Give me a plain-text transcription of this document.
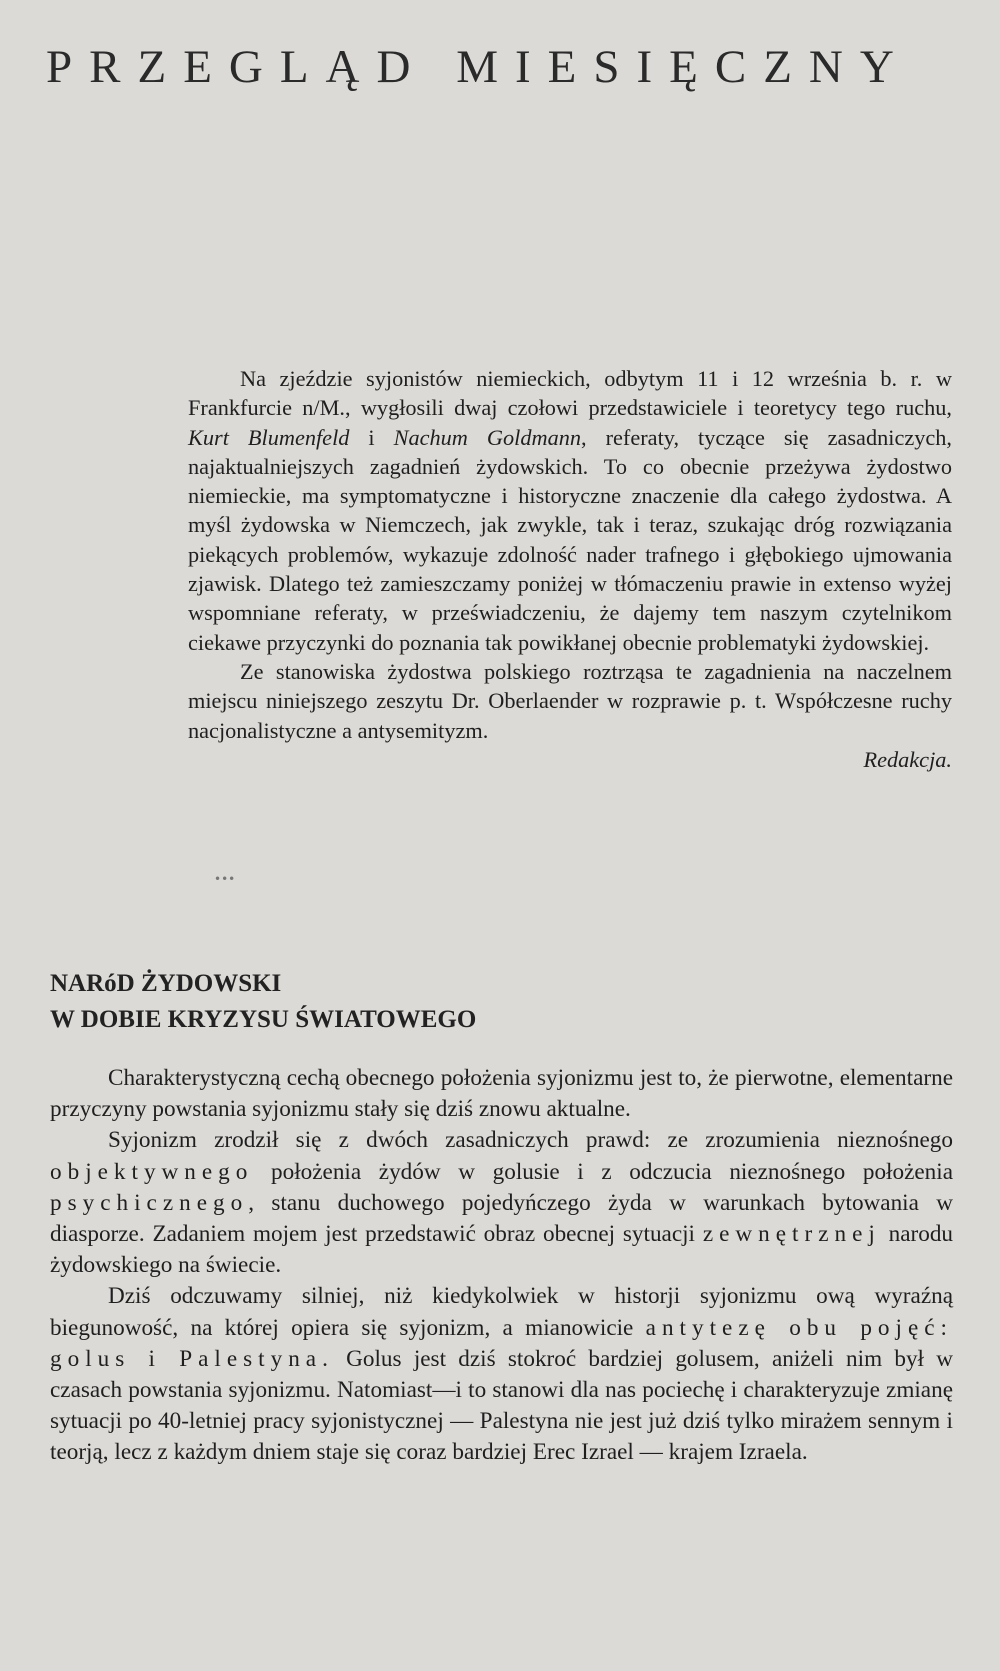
PRZEGLĄD MIESIĘCZNY

Na zjeździe syjonistów niemieckich, odbytym 11 i 12 września b. r. w Frankfurcie n/M., wygłosili dwaj czołowi przedstawiciele i teoretycy tego ruchu, Kurt Blumenfeld i Nachum Goldmann, referaty, tyczące się zasadniczych, najaktualniejszych zagadnień żydowskich. To co obecnie przeżywa żydostwo niemieckie, ma symptomatyczne i historyczne znaczenie dla całego żydostwa. A myśl żydowska w Niemczech, jak zwykle, tak i teraz, szukając dróg rozwiązania piekących problemów, wykazuje zdolność nader trafnego i głębokiego ujmowania zjawisk. Dlatego też zamieszczamy poniżej w tłómaczeniu prawie in extenso wyżej wspomniane referaty, w przeświadczeniu, że dajemy tem naszym czytelnikom ciekawe przyczynki do poznania tak powikłanej obecnie problematyki żydowskiej.

Ze stanowiska żydostwa polskiego roztrząsa te zagadnienia na naczelnem miejscu niniejszego zeszytu Dr. Oberlaender w rozprawie p. t. Współczesne ruchy nacjonalistyczne a antysemityzm.

Redakcja.

•••
NARóD ŻYDOWSKI
W DOBIE KRYZYSU ŚWIATOWEGO

Charakterystyczną cechą obecnego położenia syjonizmu jest to, że pierwotne, elementarne przyczyny powstania syjonizmu stały się dziś znowu aktualne.

Syjonizm zrodził się z dwóch zasadniczych prawd: ze zrozumienia nieznośnego objektywnego położenia żydów w golusie i z odczucia nieznośnego położenia psychicznego, stanu duchowego pojedyńczego żyda w warunkach bytowania w diasporze. Zadaniem mojem jest przedstawić obraz obecnej sytuacji zewnętrznej narodu żydowskiego na świecie.

Dziś odczuwamy silniej, niż kiedykolwiek w historji syjonizmu ową wyraźną biegunowość, na której opiera się syjonizm, a mianowicie antytezę obu pojęć: golus i Palestyna. Golus jest dziś stokroć bardziej golusem, aniżeli nim był w czasach powstania syjonizmu. Natomiast—i to stanowi dla nas pociechę i charakteryzuje zmianę sytuacji po 40-letniej pracy syjonistycznej — Palestyna nie jest już dziś tylko mirażem sennym i teorją, lecz z każdym dniem staje się coraz bardziej Erec Izrael — krajem Izraela.
